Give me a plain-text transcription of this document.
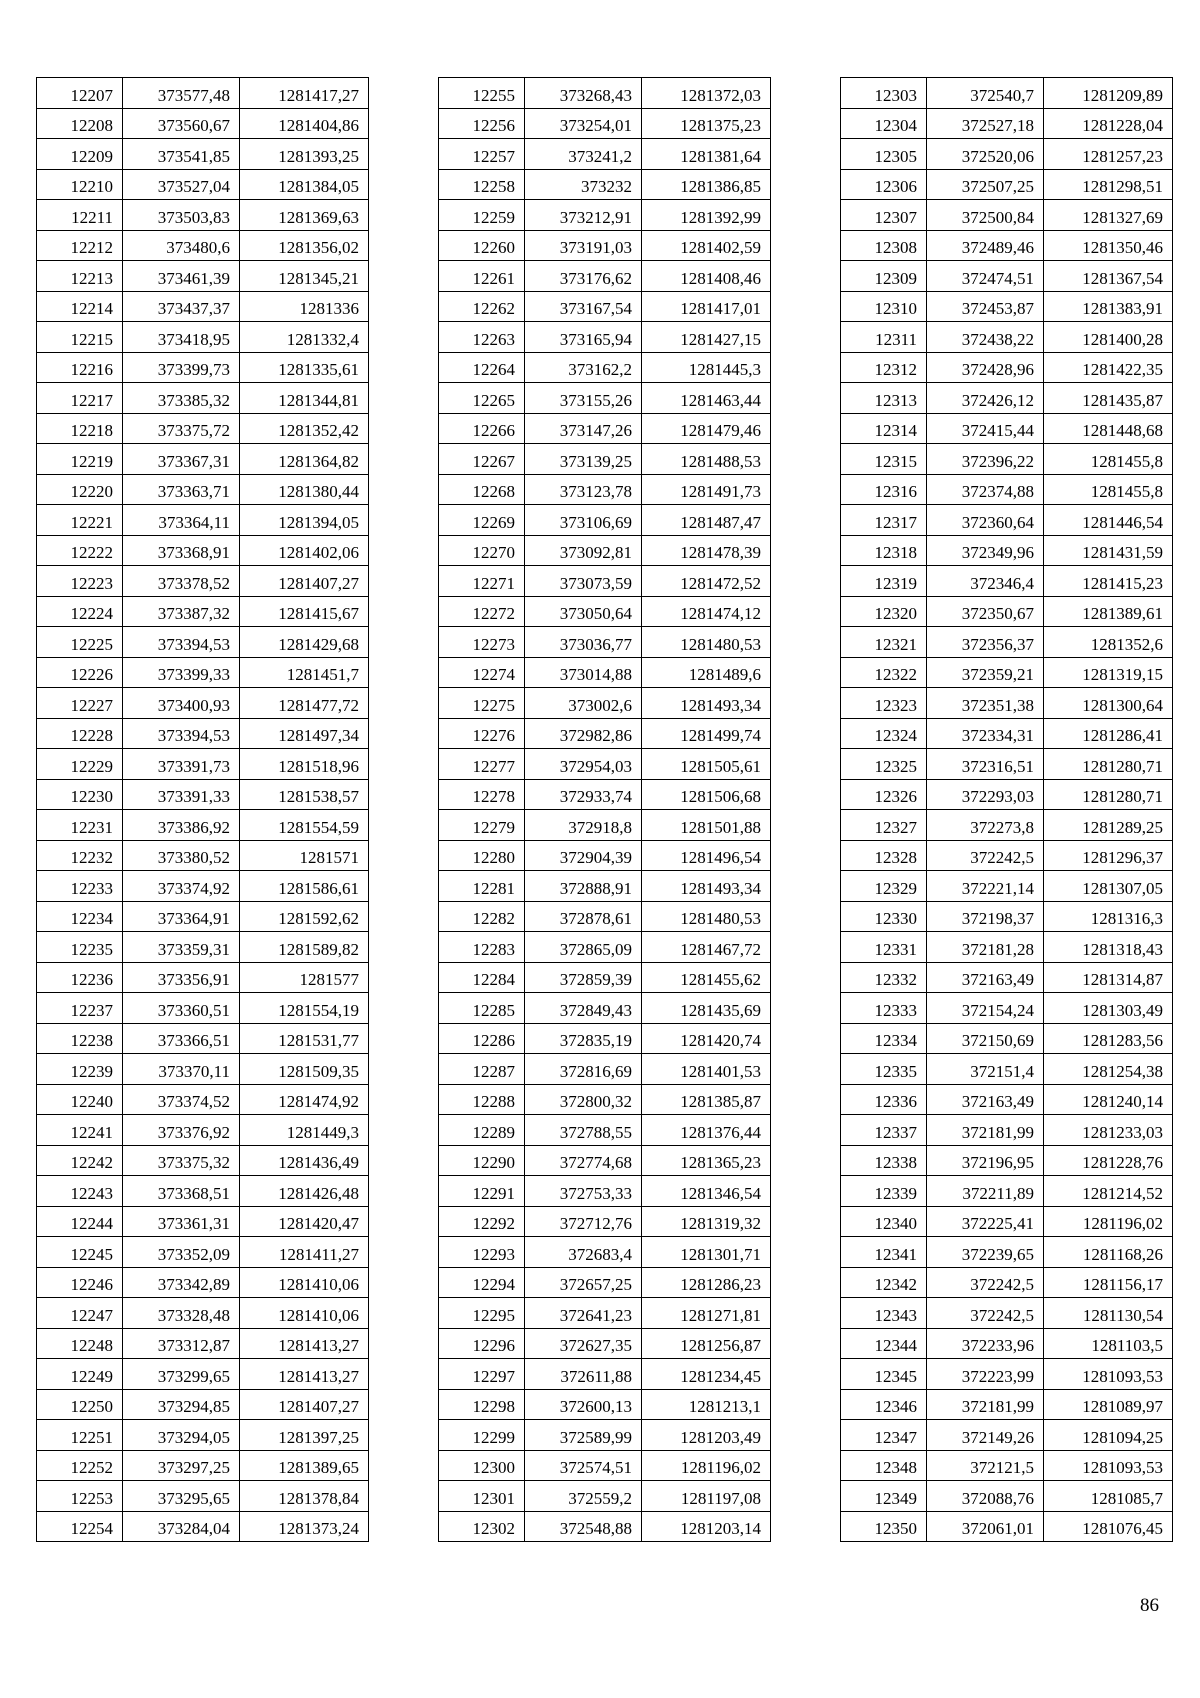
12207	373577,48	1281417,27
12208	373560,67	1281404,86
12209	373541,85	1281393,25
12210	373527,04	1281384,05
12211	373503,83	1281369,63
12212	373480,6	1281356,02
12213	373461,39	1281345,21
12214	373437,37	1281336
12215	373418,95	1281332,4
12216	373399,73	1281335,61
12217	373385,32	1281344,81
12218	373375,72	1281352,42
12219	373367,31	1281364,82
12220	373363,71	1281380,44
12221	373364,11	1281394,05
12222	373368,91	1281402,06
12223	373378,52	1281407,27
12224	373387,32	1281415,67
12225	373394,53	1281429,68
12226	373399,33	1281451,7
12227	373400,93	1281477,72
12228	373394,53	1281497,34
12229	373391,73	1281518,96
12230	373391,33	1281538,57
12231	373386,92	1281554,59
12232	373380,52	1281571
12233	373374,92	1281586,61
12234	373364,91	1281592,62
12235	373359,31	1281589,82
12236	373356,91	1281577
12237	373360,51	1281554,19
12238	373366,51	1281531,77
12239	373370,11	1281509,35
12240	373374,52	1281474,92
12241	373376,92	1281449,3
12242	373375,32	1281436,49
12243	373368,51	1281426,48
12244	373361,31	1281420,47
12245	373352,09	1281411,27
12246	373342,89	1281410,06
12247	373328,48	1281410,06
12248	373312,87	1281413,27
12249	373299,65	1281413,27
12250	373294,85	1281407,27
12251	373294,05	1281397,25
12252	373297,25	1281389,65
12253	373295,65	1281378,84
12254	373284,04	1281373,24
12255	373268,43	1281372,03
12256	373254,01	1281375,23
12257	373241,2	1281381,64
12258	373232	1281386,85
12259	373212,91	1281392,99
12260	373191,03	1281402,59
12261	373176,62	1281408,46
12262	373167,54	1281417,01
12263	373165,94	1281427,15
12264	373162,2	1281445,3
12265	373155,26	1281463,44
12266	373147,26	1281479,46
12267	373139,25	1281488,53
12268	373123,78	1281491,73
12269	373106,69	1281487,47
12270	373092,81	1281478,39
12271	373073,59	1281472,52
12272	373050,64	1281474,12
12273	373036,77	1281480,53
12274	373014,88	1281489,6
12275	373002,6	1281493,34
12276	372982,86	1281499,74
12277	372954,03	1281505,61
12278	372933,74	1281506,68
12279	372918,8	1281501,88
12280	372904,39	1281496,54
12281	372888,91	1281493,34
12282	372878,61	1281480,53
12283	372865,09	1281467,72
12284	372859,39	1281455,62
12285	372849,43	1281435,69
12286	372835,19	1281420,74
12287	372816,69	1281401,53
12288	372800,32	1281385,87
12289	372788,55	1281376,44
12290	372774,68	1281365,23
12291	372753,33	1281346,54
12292	372712,76	1281319,32
12293	372683,4	1281301,71
12294	372657,25	1281286,23
12295	372641,23	1281271,81
12296	372627,35	1281256,87
12297	372611,88	1281234,45
12298	372600,13	1281213,1
12299	372589,99	1281203,49
12300	372574,51	1281196,02
12301	372559,2	1281197,08
12302	372548,88	1281203,14
12303	372540,7	1281209,89
12304	372527,18	1281228,04
12305	372520,06	1281257,23
12306	372507,25	1281298,51
12307	372500,84	1281327,69
12308	372489,46	1281350,46
12309	372474,51	1281367,54
12310	372453,87	1281383,91
12311	372438,22	1281400,28
12312	372428,96	1281422,35
12313	372426,12	1281435,87
12314	372415,44	1281448,68
12315	372396,22	1281455,8
12316	372374,88	1281455,8
12317	372360,64	1281446,54
12318	372349,96	1281431,59
12319	372346,4	1281415,23
12320	372350,67	1281389,61
12321	372356,37	1281352,6
12322	372359,21	1281319,15
12323	372351,38	1281300,64
12324	372334,31	1281286,41
12325	372316,51	1281280,71
12326	372293,03	1281280,71
12327	372273,8	1281289,25
12328	372242,5	1281296,37
12329	372221,14	1281307,05
12330	372198,37	1281316,3
12331	372181,28	1281318,43
12332	372163,49	1281314,87
12333	372154,24	1281303,49
12334	372150,69	1281283,56
12335	372151,4	1281254,38
12336	372163,49	1281240,14
12337	372181,99	1281233,03
12338	372196,95	1281228,76
12339	372211,89	1281214,52
12340	372225,41	1281196,02
12341	372239,65	1281168,26
12342	372242,5	1281156,17
12343	372242,5	1281130,54
12344	372233,96	1281103,5
12345	372223,99	1281093,53
12346	372181,99	1281089,97
12347	372149,26	1281094,25
12348	372121,5	1281093,53
12349	372088,76	1281085,7
12350	372061,01	1281076,45
86
